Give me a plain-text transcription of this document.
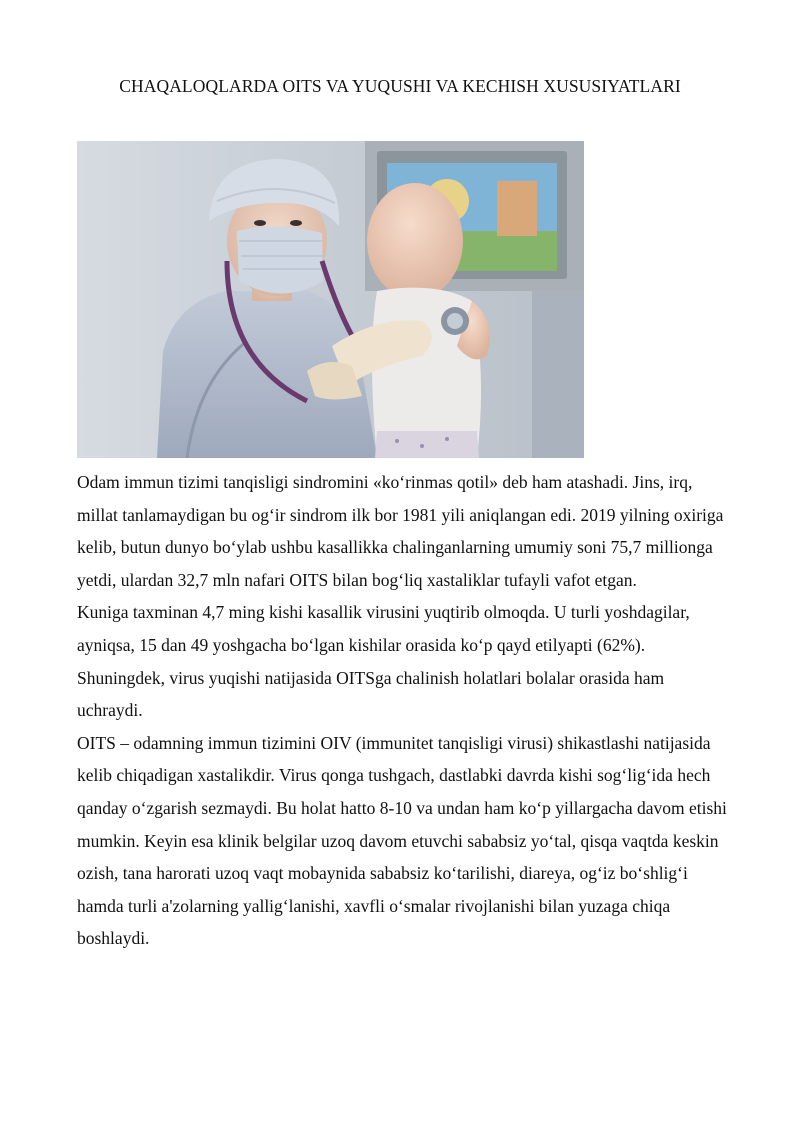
CHAQALOQLARDA OITS VA YUQUSHI VA KECHISH XUSUSIYATLARI

Odam immun tizimi tanqisligi sindromini «koʻrinmas qotil» deb ham atashadi. Jins, irq, millat tanlamaydigan bu ogʻir sindrom ilk bor 1981 yili aniqlangan edi. 2019 yilning oxiriga kelib, butun dunyo boʻylab ushbu kasallikka chalinganlarning umumiy soni 75,7 millionga yetdi, ulardan 32,7 mln nafari OITS bilan bogʻliq xastaliklar tufayli vafot etgan.

Kuniga taxminan 4,7 ming kishi kasallik virusini yuqtirib olmoqda. U turli yoshdagilar, ayniqsa, 15 dan 49 yoshgacha boʻlgan kishilar orasida koʻp qayd etilyapti (62%).

Shuningdek, virus yuqishi natijasida OITSga chalinish holatlari bolalar orasida ham uchraydi.

OITS – odamning immun tizimini OIV (immunitet tanqisligi virusi) shikastlashi natijasida kelib chiqadigan xastalikdir. Virus qonga tushgach, dastlabki davrda kishi sogʻligʻida hech qanday oʻzgarish sezmaydi. Bu holat hatto 8-10 va undan ham koʻp yillargacha davom etishi mumkin. Keyin esa klinik belgilar uzoq davom etuvchi sababsiz yoʻtal, qisqa vaqtda keskin ozish, tana harorati uzoq vaqt mobaynida sababsiz koʻtarilishi, diareya, ogʻiz boʻshligʻi hamda turli a'zolarning yalligʻlanishi, xavfli oʻsmalar rivojlanishi bilan yuzaga chiqa boshlaydi.
